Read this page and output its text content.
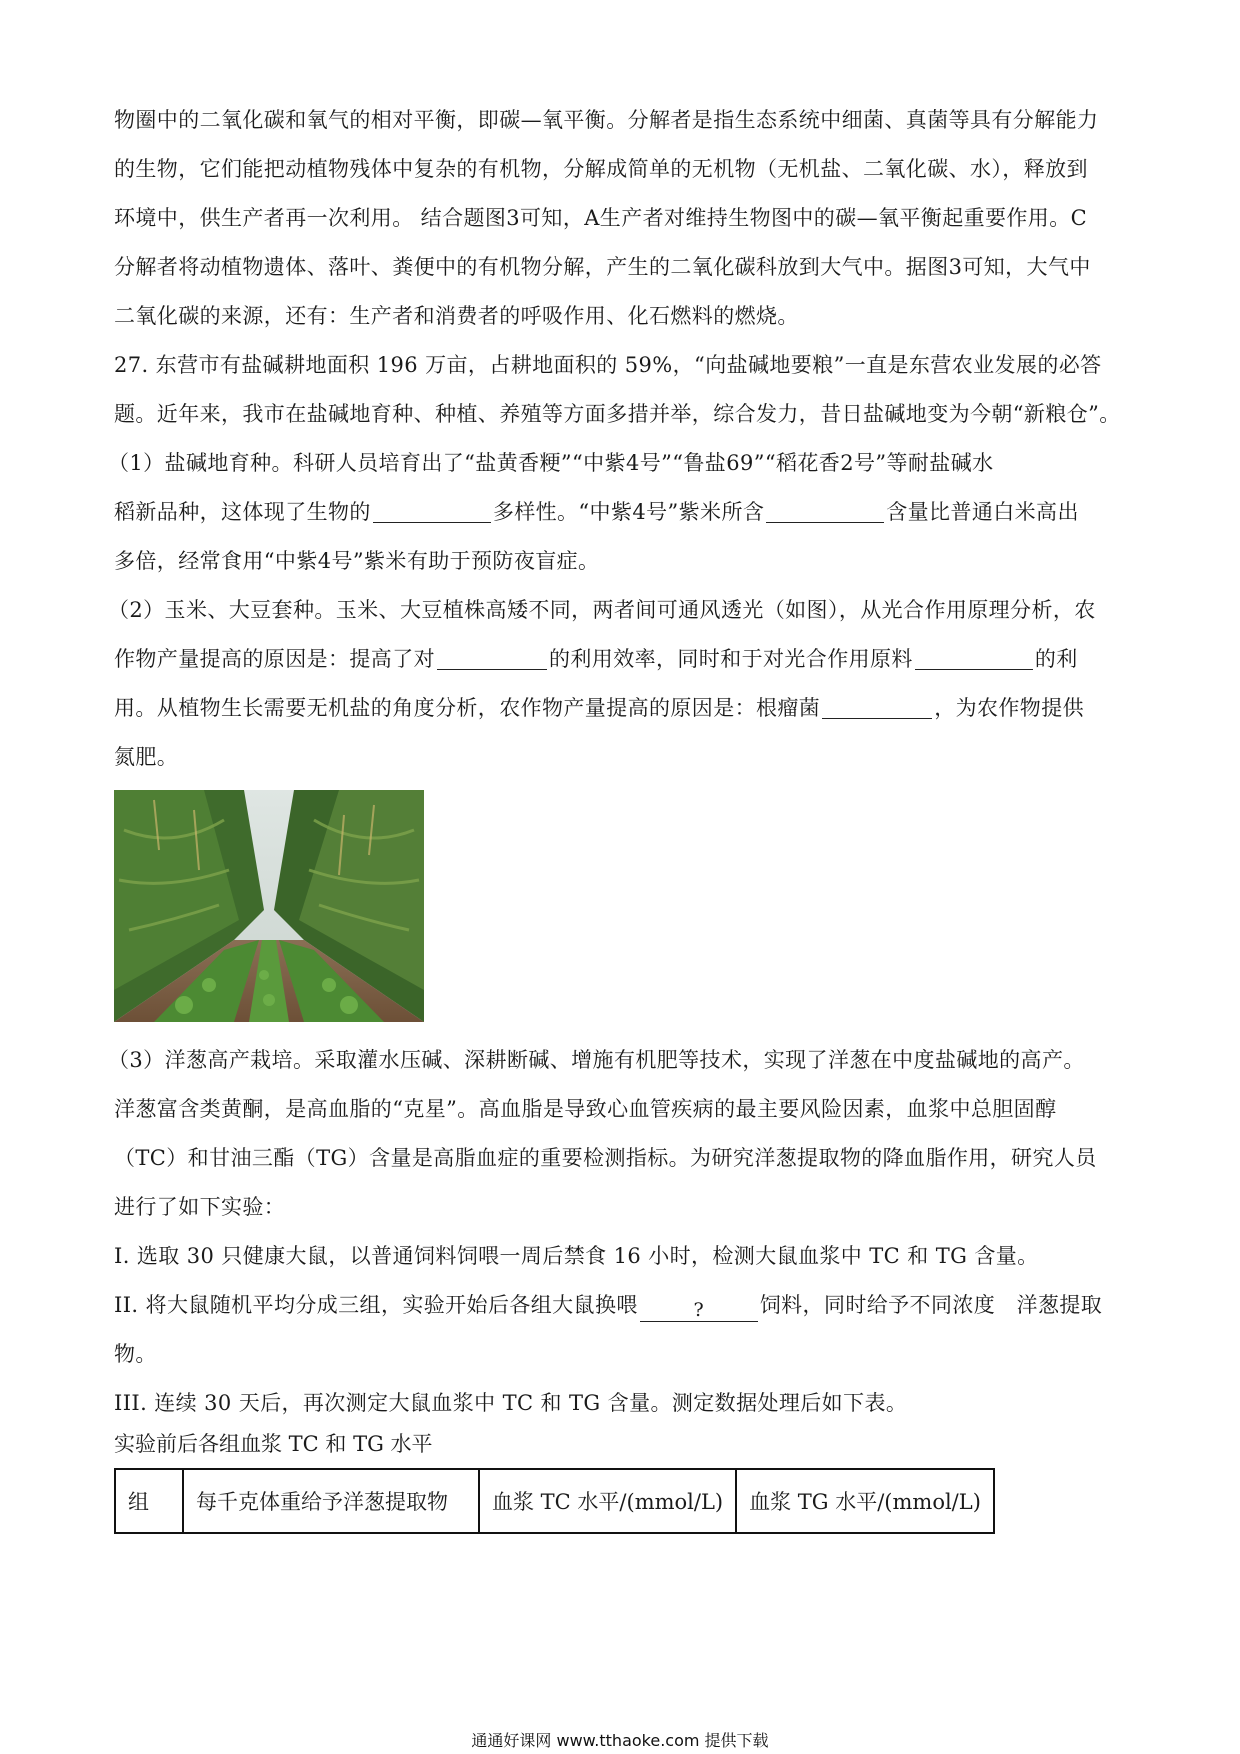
物圈中的二氧化碳和氧气的相对平衡，即碳—氧平衡。分解者是指生态系统中细菌、真菌等具有分解能力

的生物，它们能把动植物残体中复杂的有机物，分解成简单的无机物（无机盐、二氧化碳、水），释放到

环境中，供生产者再一次利用。 结合题图3可知，A生产者对维持生物图中的碳—氧平衡起重要作用。C

分解者将动植物遗体、落叶、粪便中的有机物分解，产生的二氧化碳科放到大气中。据图3可知，大气中

二氧化碳的来源，还有：生产者和消费者的呼吸作用、化石燃料的燃烧。

27. 东营市有盐碱耕地面积 196 万亩，占耕地面积的 59%，“向盐碱地要粮”一直是东营农业发展的必答

题。近年来，我市在盐碱地育种、种植、养殖等方面多措并举，综合发力，昔日盐碱地变为今朝“新粮仓”。

（1）盐碱地育种。科研人员培育出了“盐黄香粳”“中紫4号”“鲁盐69”“稻花香2号”等耐盐碱水

稻新品种，这体现了生物的	多样性。“中紫4号”紫米所含	含量比普通白米高出

多倍，经常食用“中紫4号”紫米有助于预防夜盲症。

（2）玉米、大豆套种。玉米、大豆植株高矮不同，两者间可通风透光（如图），从光合作用原理分析，农

作物产量提高的原因是：提高了对	的利用效率，同时和于对光合作用原料	的利

用。从植物生长需要无机盐的角度分析，农作物产量提高的原因是：根瘤菌	，为农作物提供

氮肥。

（3）洋葱高产栽培。采取灌水压碱、深耕断碱、增施有机肥等技术，实现了洋葱在中度盐碱地的高产。

洋葱富含类黄酮，是高血脂的“克星”。高血脂是导致心血管疾病的最主要风险因素，血浆中总胆固醇

（TC）和甘油三酯（TG）含量是高脂血症的重要检测指标。为研究洋葱提取物的降血脂作用，研究人员

进行了如下实验：

I. 选取 30 只健康大鼠，以普通饲料饲喂一周后禁食 16 小时，检测大鼠血浆中 TC 和 TG 含量。

II. 将大鼠随机平均分成三组，实验开始后各组大鼠换喂	?	饲料，同时给予不同浓度　洋葱提取

物。

III. 连续 30 天后，再次测定大鼠血浆中 TC 和 TG 含量。测定数据处理后如下表。

实验前后各组血浆 TC 和 TG 水平

组	每千克体重给予洋葱提取物	血浆 TC 水平/(mmol/L)	血浆 TG 水平/(mmol/L)
通通好课网 www.tthaoke.com 提供下载
